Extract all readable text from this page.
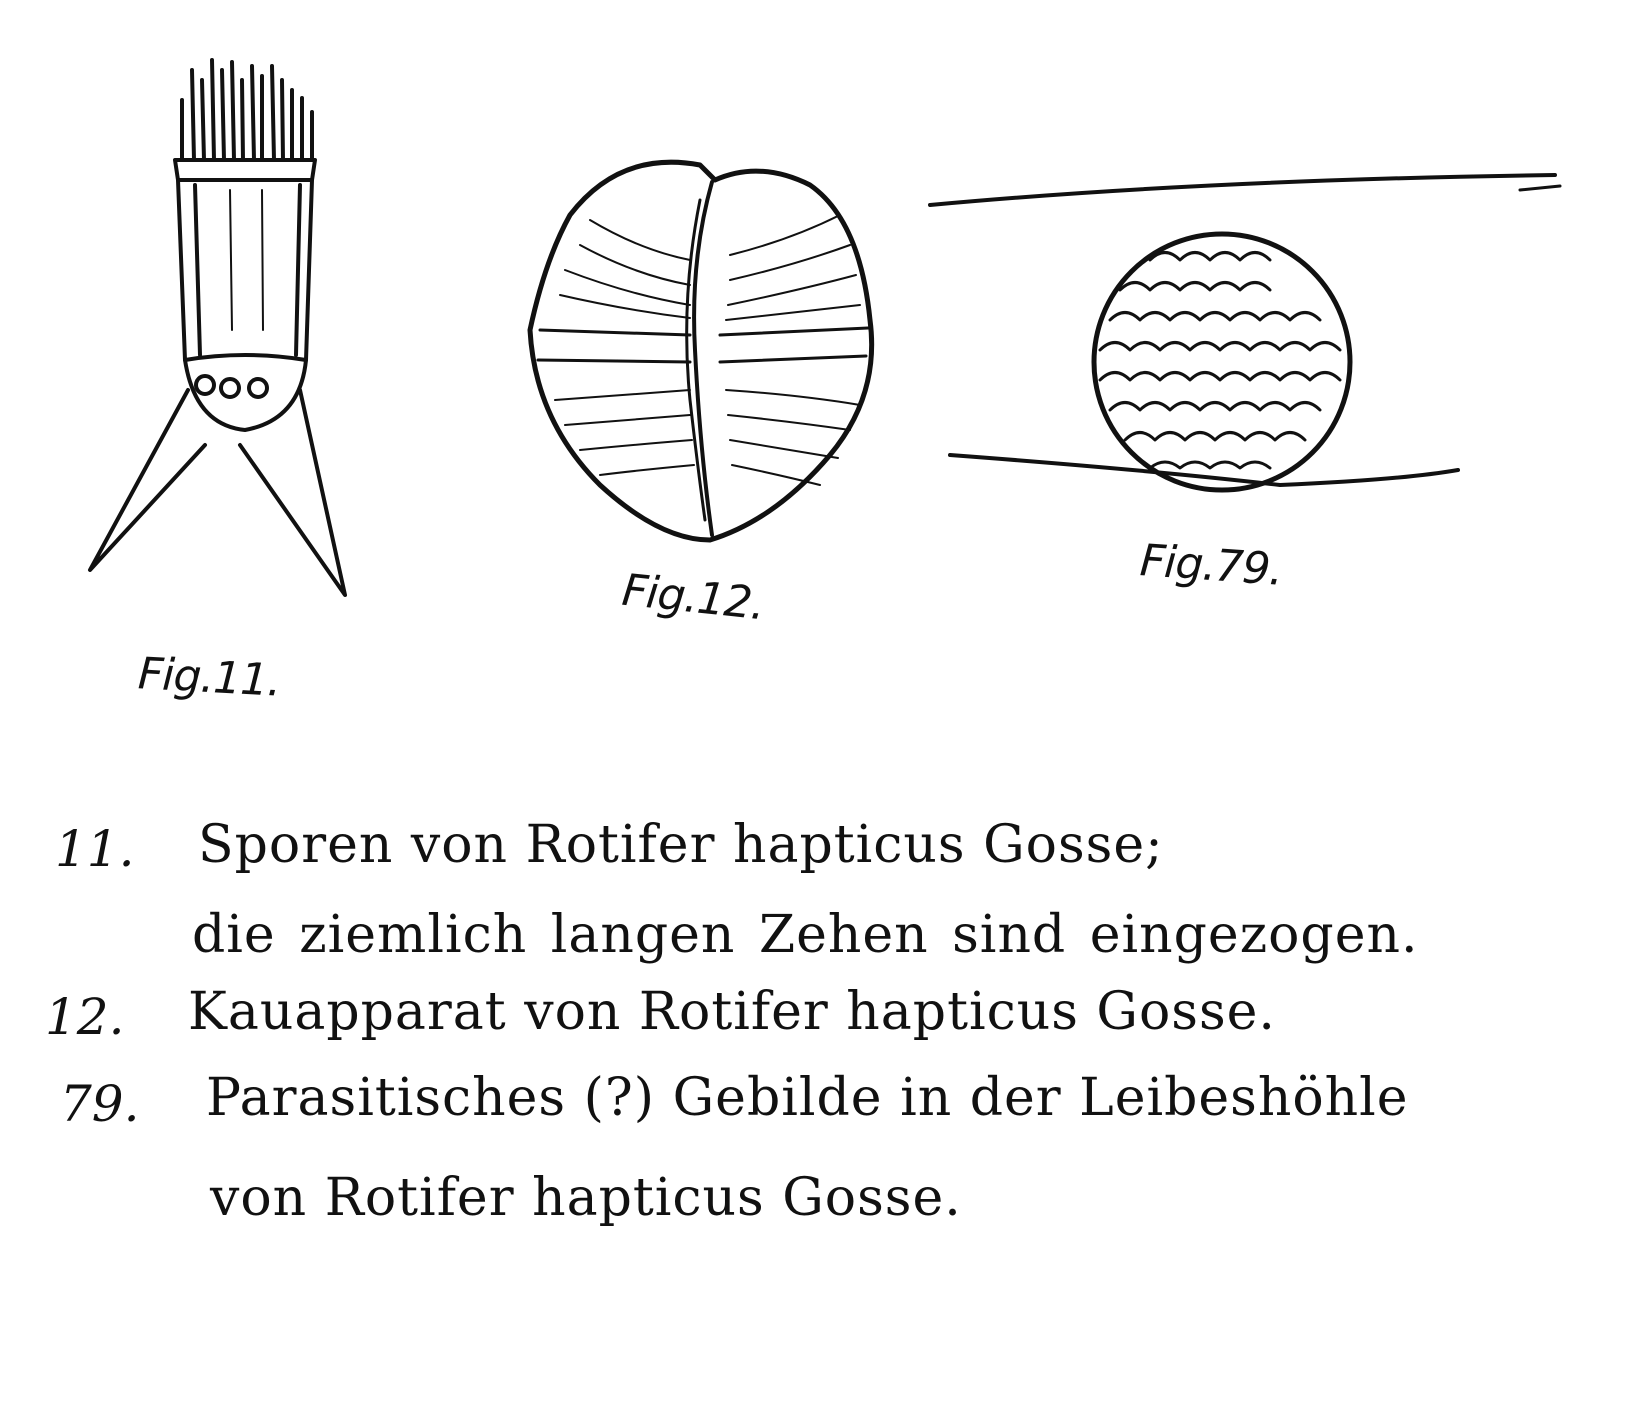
Fig.11.
Fig.12.	Fig.79.
11. Sporen von Rotifer hapticus Gosse;
die ziemlich langen Zehen sind eingezogen.
12. Kauapparat von Rotifer hapticus Gosse.
79. Parasitisches (?) Gebilde in der Leibeshöhle
von Rotifer hapticus Gosse.
